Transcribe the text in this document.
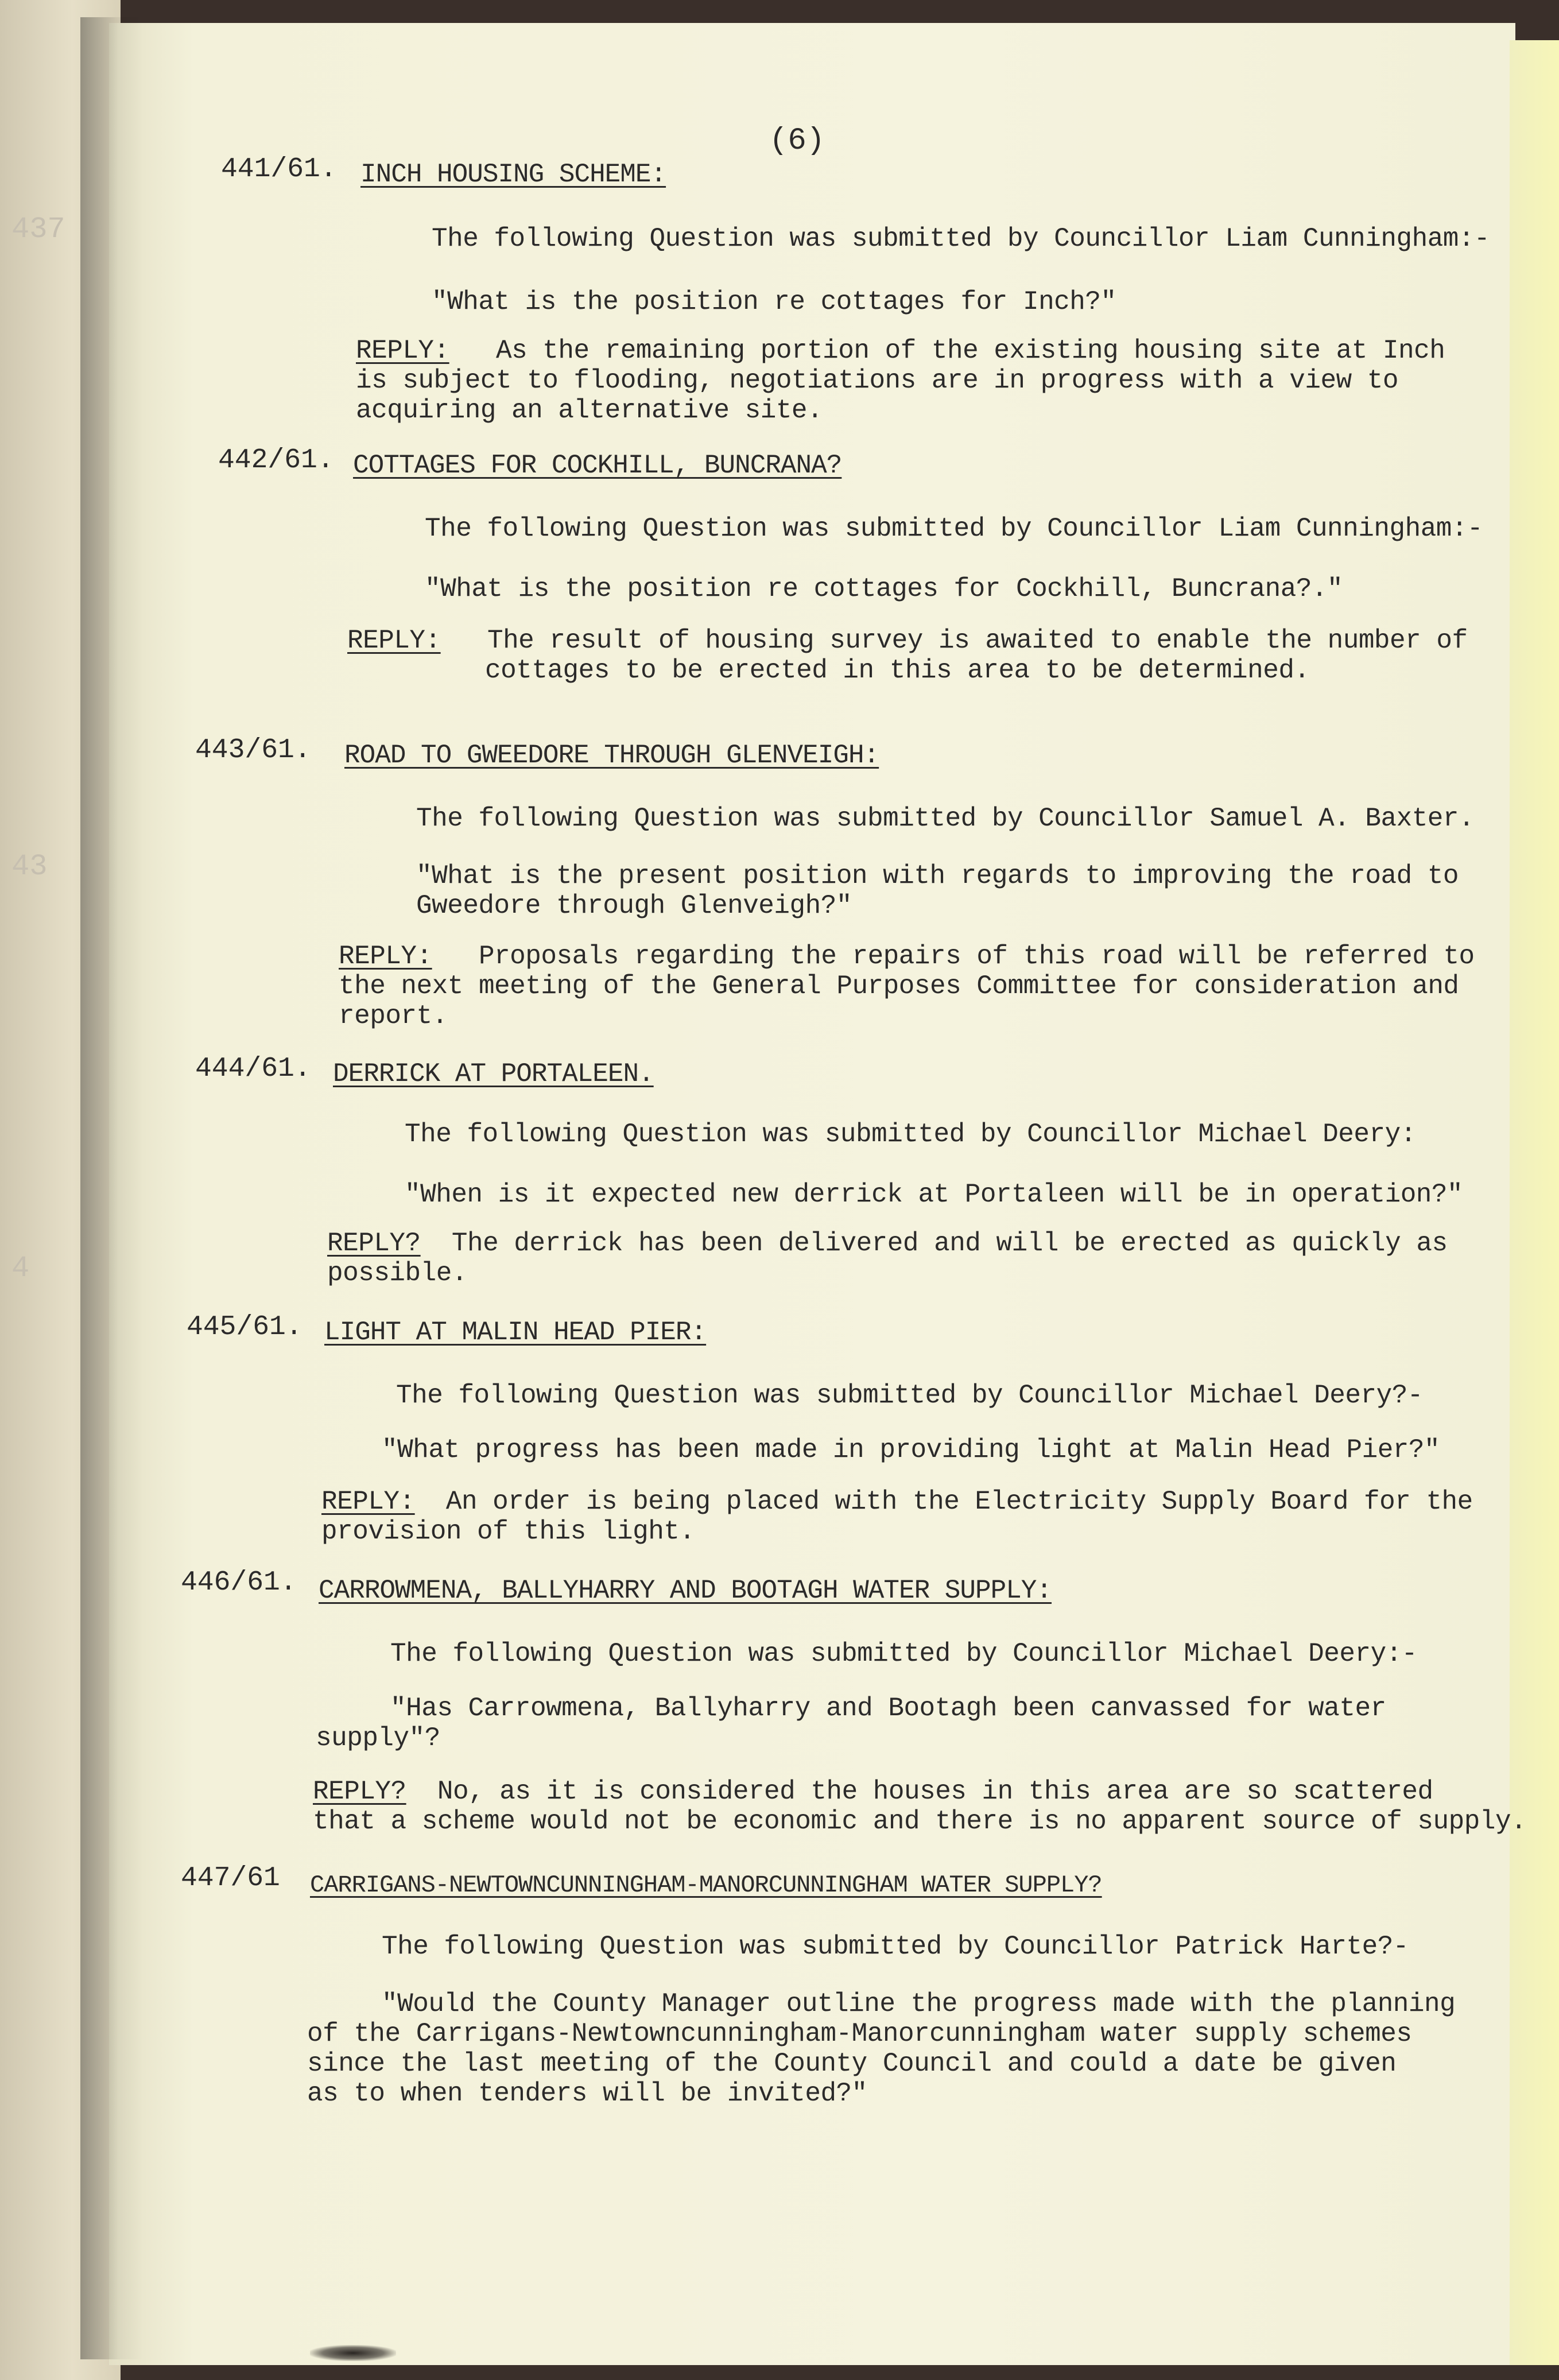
437
43
4
(6)
441/61. INCH HOUSING SCHEME:
The following Question was submitted by Councillor Liam Cunningham:-
"What is the position re cottages for Inch?"
REPLY: As the remaining portion of the existing housing site at Inch
is subject to flooding, negotiations are in progress with a view to
acquiring an alternative site.
442/61. COTTAGES FOR COCKHILL, BUNCRANA?
The following Question was submitted by Councillor Liam Cunningham:-
"What is the position re cottages for Cockhill, Buncrana?."
REPLY: The result of housing survey is awaited to enable the number of
cottages to be erected in this area to be determined.
443/61. ROAD TO GWEEDORE THROUGH GLENVEIGH:
The following Question was submitted by Councillor Samuel A. Baxter.
"What is the present position with regards to improving the road to
Gweedore through Glenveigh?"
REPLY: Proposals regarding the repairs of this road will be referred to
the next meeting of the General Purposes Committee for consideration and
report.
444/61. DERRICK AT PORTALEEN.
The following Question was submitted by Councillor Michael Deery:
"When is it expected new derrick at Portaleen will be in operation?"
REPLY? The derrick has been delivered and will be erected as quickly as
possible.
445/61. LIGHT AT MALIN HEAD PIER:
The following Question was submitted by Councillor Michael Deery?-
"What progress has been made in providing light at Malin Head Pier?"
REPLY: An order is being placed with the Electricity Supply Board for the
provision of this light.
446/61. CARROWMENA, BALLYHARRY AND BOOTAGH WATER SUPPLY:
The following Question was submitted by Councillor Michael Deery:-
"Has Carrowmena, Ballyharry and Bootagh been canvassed for water
supply"?
REPLY? No, as it is considered the houses in this area are so scattered
that a scheme would not be economic and there is no apparent source of supply.
447/61 CARRIGANS-NEWTOWNCUNNINGHAM-MANORCUNNINGHAM WATER SUPPLY?
The following Question was submitted by Councillor Patrick Harte?-
"Would the County Manager outline the progress made with the planning
of the Carrigans-Newtowncunningham-Manorcunningham water supply schemes
since the last meeting of the County Council and could a date be given
as to when tenders will be invited?"
